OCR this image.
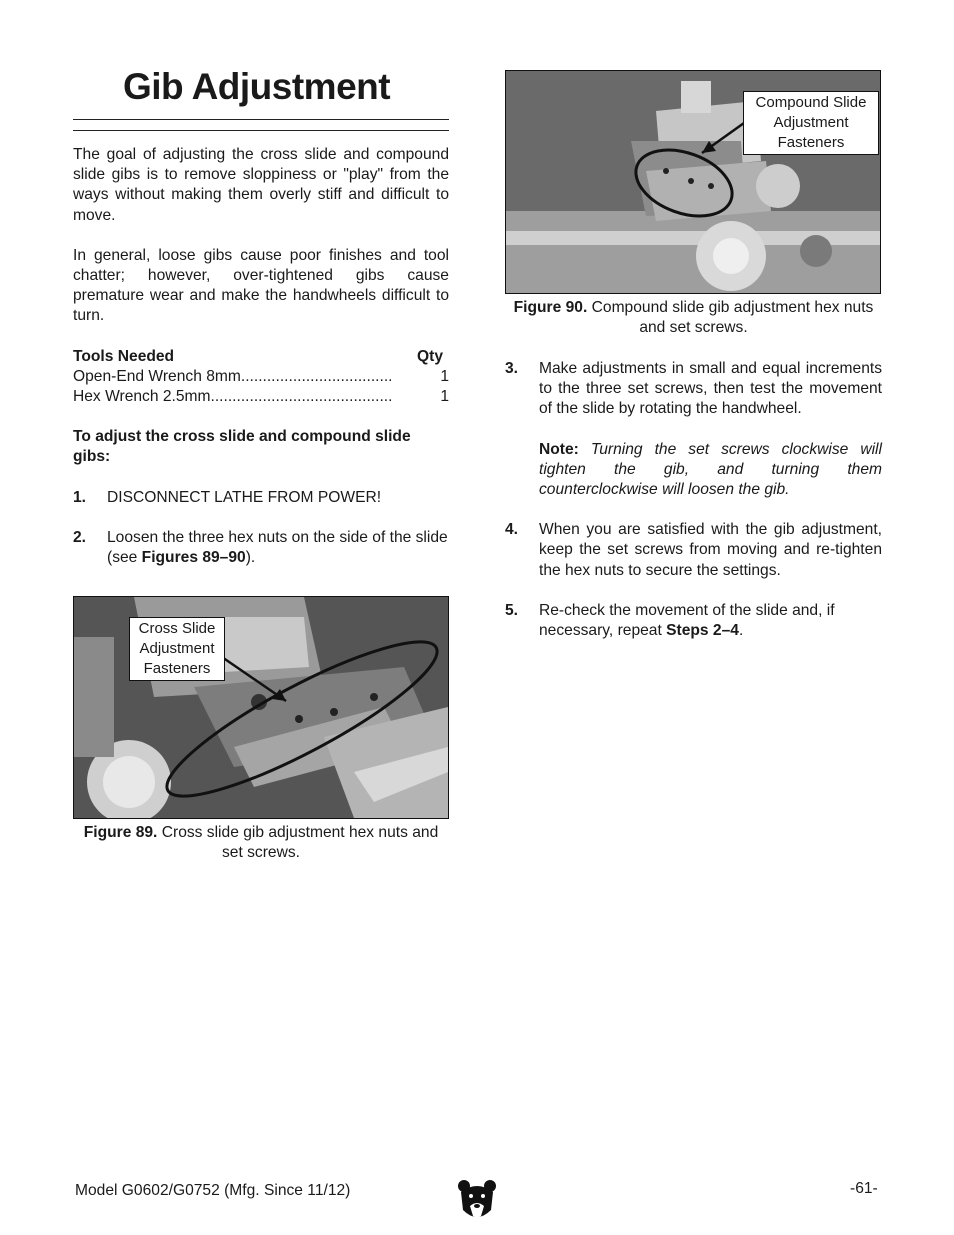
Gib Adjustment

The goal of adjusting the cross slide and compound slide gibs is to remove sloppiness or "play" from the ways without making them overly stiff and difficult to move.

In general, loose gibs cause poor finishes and tool chatter; however, over-tightened gibs cause premature wear and make the handwheels difficult to turn.

Tools Needed	Qty
Open-End Wrench 8mm...................................	1
Hex Wrench 2.5mm..........................................	1

To adjust the cross slide and compound slide gibs:

1.	DISCONNECT LATHE FROM POWER!
2.	Loosen the three hex nuts on the side of the slide (see Figures 89–90).
Cross Slide
Adjustment
Fasteners
Figure 89. Cross slide gib adjustment hex nuts and set screws.
Compound Slide
Adjustment
Fasteners
Figure 90. Compound slide gib adjustment hex nuts and set screws.
3.	Make adjustments in small and equal increments to the three set screws, then test the movement of the slide by rotating the handwheel.
Note: Turning the set screws clockwise will tighten the gib, and turning them counterclockwise will loosen the gib.
4.	When you are satisfied with the gib adjustment, keep the set screws from moving and re-tighten the hex nuts to secure the settings.
5.	Re-check the movement of the slide and, if necessary, repeat Steps 2–4.
Model G0602/G0752 (Mfg. Since 11/12)	-61-
